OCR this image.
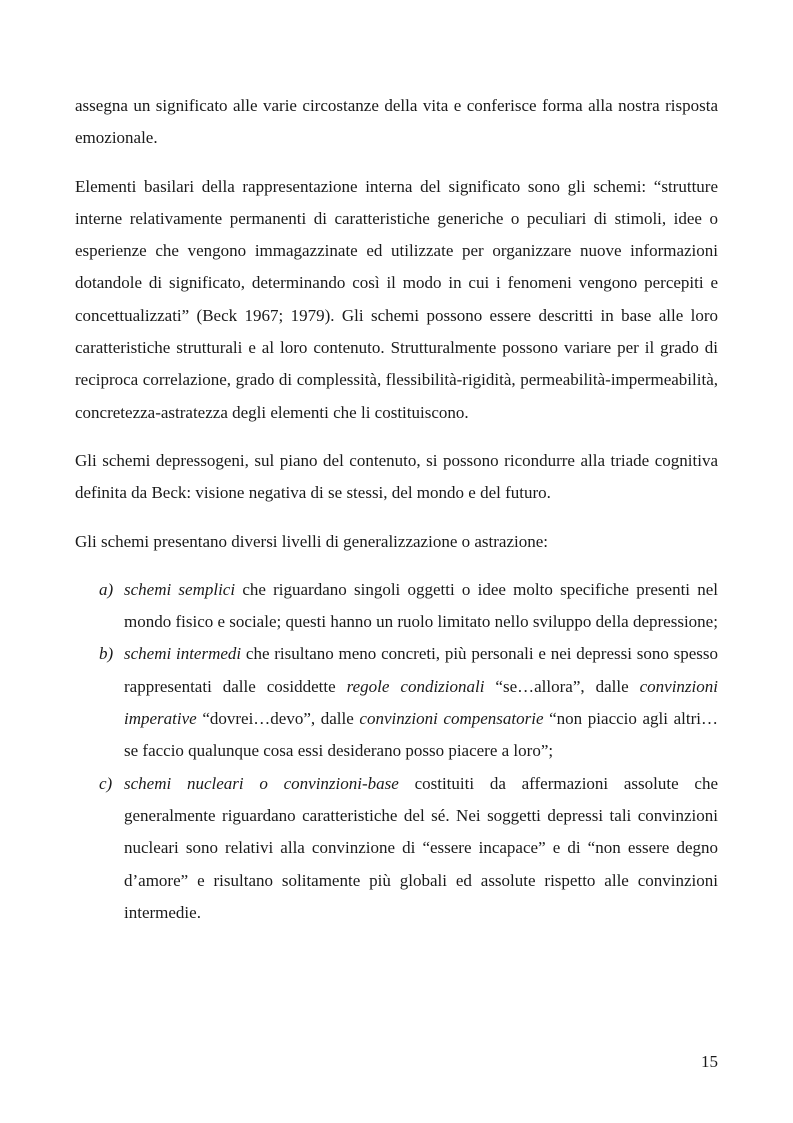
assegna un significato alle varie circostanze della vita e conferisce forma alla nostra risposta emozionale.

Elementi basilari della rappresentazione interna del significato sono gli schemi: “strutture interne relativamente permanenti di caratteristiche generiche o peculiari di stimoli, idee o esperienze che vengono immagazzinate ed utilizzate per organizzare nuove informazioni dotandole di significato, determinando così il modo in cui i fenomeni vengono percepiti e concettualizzati” (Beck 1967; 1979). Gli schemi possono essere descritti in base alle loro caratteristiche strutturali e al loro contenuto. Strutturalmente possono variare per il grado di reciproca correlazione, grado di complessità, flessibilità-rigidità, permeabilità-impermeabilità, concretezza-astratezza degli elementi che li costituiscono.

Gli schemi depressogeni, sul piano del contenuto, si possono ricondurre alla triade cognitiva definita da Beck: visione negativa di se stessi, del mondo e del futuro.

Gli schemi presentano diversi livelli di generalizzazione o astrazione:

a) schemi semplici che riguardano singoli oggetti o idee molto specifiche presenti nel mondo fisico e sociale; questi hanno un ruolo limitato nello sviluppo della depressione;
b) schemi intermedi che risultano meno concreti, più personali e nei depressi sono spesso rappresentati dalle cosiddette regole condizionali “se…allora”, dalle convinzioni imperative “dovrei…devo”, dalle convinzioni compensatorie “non piaccio agli altri…se faccio qualunque cosa essi desiderano posso piacere a loro”;
c) schemi nucleari o convinzioni-base costituiti da affermazioni assolute che generalmente riguardano caratteristiche del sé. Nei soggetti depressi tali convinzioni nucleari sono relativi alla convinzione di “essere incapace” e di “non essere degno d’amore” e risultano solitamente più globali ed assolute rispetto alle convinzioni intermedie.
15
